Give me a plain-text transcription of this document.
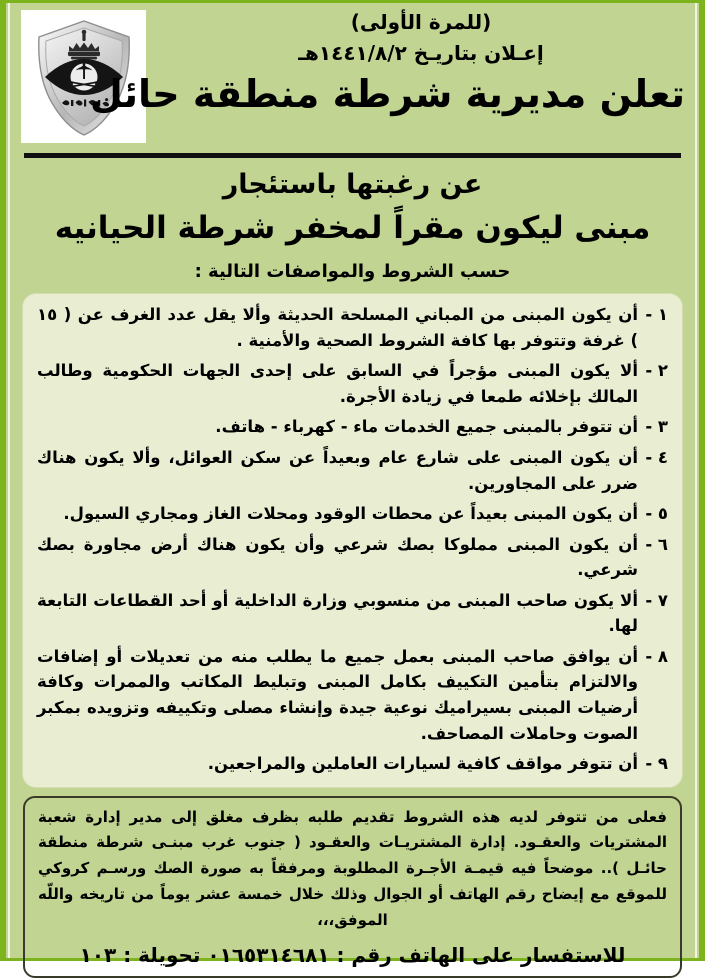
(للمرة الأولى)
إعـلان بتاريـخ ١٤٤١/٨/٢هـ
تعلن مديرية شرطة منطقة حائل
عن رغبتها باستئجار
مبنى ليكون مقراً لمخفر شرطة الحيانيه
حسب الشروط والمواصفات التالية :
١ -
أن يكون المبنى من المباني المسلحة الحديثة وألا يقل عدد الغرف عن ( ١٥ ) غرفة وتتوفر بها كافة الشروط الصحية والأمنية .
٢ -
ألا يكون المبنى مؤجراً في السابق على إحدى الجهات الحكومية وطالب المالك بإخلائه طمعا في زيادة الأجرة.
٣ -
أن تتوفر بالمبنى جميع الخدمات ماء - كهرباء - هاتف.
٤ -
أن يكون المبنى على شارع عام وبعيداً عن سكن العوائل، وألا يكون هناك ضرر على المجاورين.
٥ -
أن يكون المبنى بعيداً عن محطات الوقود ومحلات الغاز ومجاري السيول.
٦ -
أن يكون المبنى مملوكا بصك شرعي وأن يكون هناك أرض مجاورة بصك شرعي.
٧ -
ألا يكون صاحب المبنى من منسوبي وزارة الداخلية أو أحد القطاعات التابعة لها.
٨ -
أن يوافق صاحب المبنى بعمل جميع ما يطلب منه من تعديلات أو إضافات والالتزام بتأمين التكييف بكامل المبنى وتبليط المكاتب والممرات وكافة أرضيات المبنى بسيراميك نوعية جيدة وإنشاء مصلى وتكييفه وتزويده بمكبر الصوت وحاملات المصاحف.
٩ -
أن تتوفر مواقف كافية لسيارات العاملين والمراجعين.
فعلى من تتوفر لديه هذه الشروط تقديم طلبه بظرف مغلق إلى مدير إدارة شعبة المشتريات والعقـود. إدارة المشتريـات والعقـود ( جنوب غرب مبنـى شرطة منطقة حائـل ).. موضحاً فيه قيمـة الأجـرة المطلوبة ومرفقاً به صورة الصك ورسـم كروكي للموقع مع إيضاح رقم الهاتف أو الجوال وذلك خلال خمسة عشر يوماً من تاريخه واللّه الموفق،،،
للاستفسار على الهاتف رقم : ٠١٦٥٣١٤٦٨١ تحويلة : ١٠٣
